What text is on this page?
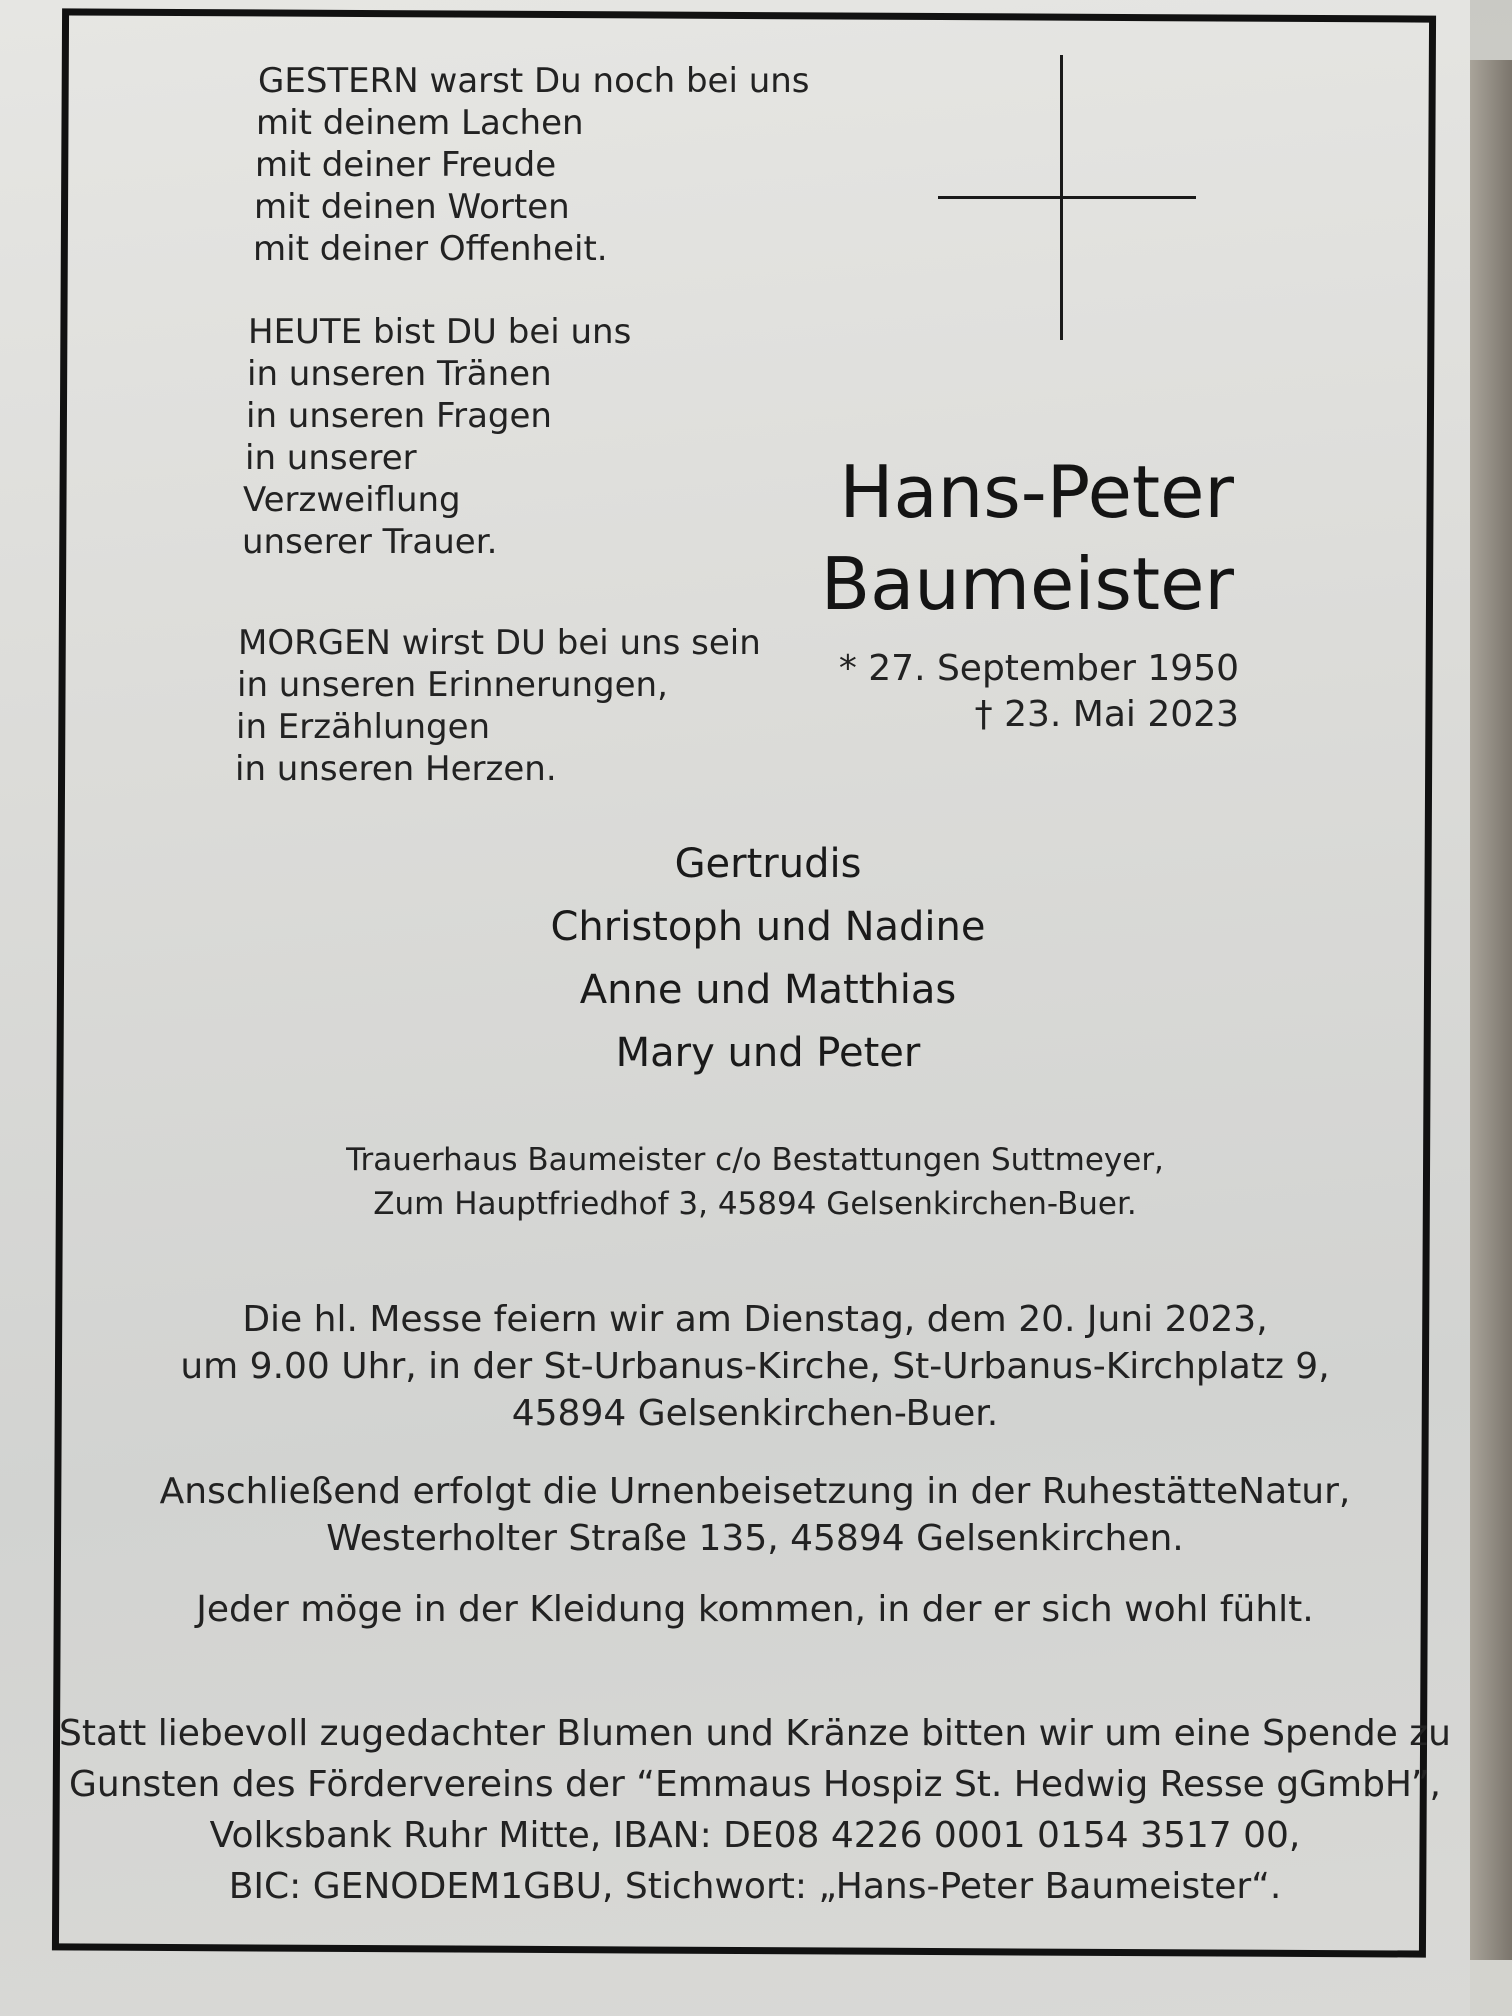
GESTERN warst Du noch bei uns
mit deinem Lachen
mit deiner Freude
mit deinen Worten
mit deiner Offenheit.
HEUTE bist DU bei uns
in unseren Tränen
in unseren Fragen
in unserer
Verzweiflung
unserer Trauer.
MORGEN wirst DU bei uns sein
in unseren Erinnerungen,
in Erzählungen
in unseren Herzen.
Hans-Peter
Baumeister
* 27. September 1950
† 23. Mai 2023
Gertrudis
Christoph und Nadine
Anne und Matthias
Mary und Peter
Trauerhaus Baumeister c/o Bestattungen Suttmeyer,
Zum Hauptfriedhof 3, 45894 Gelsenkirchen-Buer.
Die hl. Messe feiern wir am Dienstag, dem 20. Juni 2023,
um 9.00 Uhr, in der St-Urbanus-Kirche, St-Urbanus-Kirchplatz 9,
45894 Gelsenkirchen-Buer.
Anschließend erfolgt die Urnenbeisetzung in der RuhestätteNatur,
Westerholter Straße 135, 45894 Gelsenkirchen.
Jeder möge in der Kleidung kommen, in der er sich wohl fühlt.
Statt liebevoll zugedachter Blumen und Kränze bitten wir um eine Spende zu
Gunsten des Fördervereins der “Emmaus Hospiz St. Hedwig Resse gGmbH”,
Volksbank Ruhr Mitte, IBAN: DE08 4226 0001 0154 3517 00,
BIC: GENODEM1GBU, Stichwort: „Hans-Peter Baumeister“.
